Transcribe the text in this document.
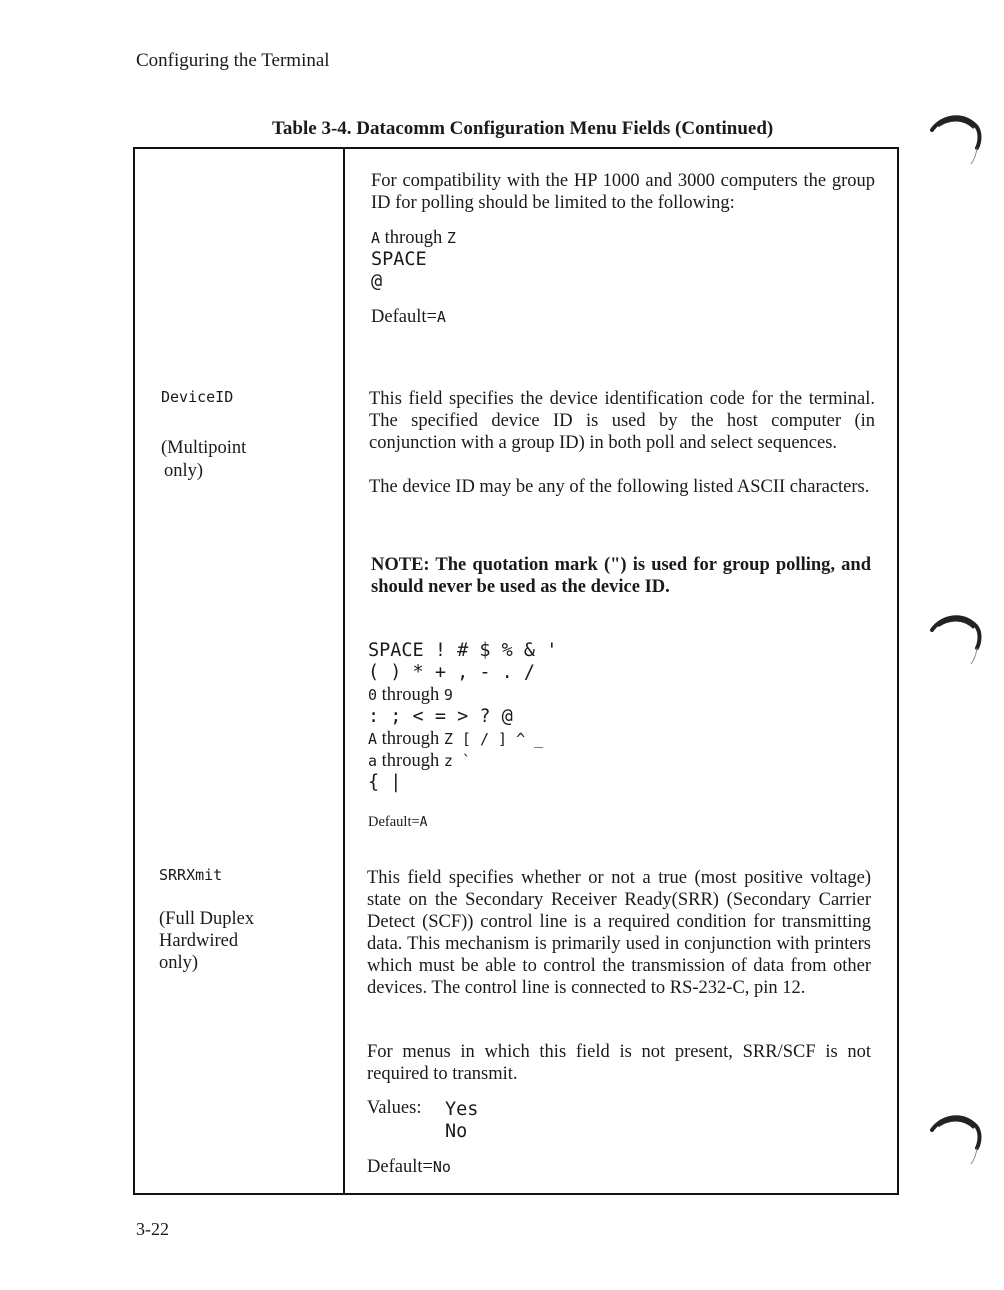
Configuring the Terminal
Table 3-4. Datacomm Configuration Menu Fields (Continued)
For compatibility with the HP 1000 and 3000 computers the group ID for polling should be limited to the following:
A through Z
SPACE
@
Default=A
DeviceID
(Multipoint
only)
This field specifies the device identification code for the terminal. The specified device ID is used by the host computer (in conjunction with a group ID) in both poll and select sequences.
The device ID may be any of the following listed ASCII characters.
NOTE: The quotation mark (") is used for group polling, and should never be used as the device ID.
SPACE ! # $ % & '
( ) * + , - . /
0 through 9
: ; < = > ? @
A through Z [ / ] ^ _
a through z `
{ |
Default=A
SRRXmit
(Full Duplex
Hardwired
only)
This field specifies whether or not a true (most positive voltage) state on the Secondary Receiver Ready(SRR) (Secondary Carrier Detect (SCF)) control line is a required condition for transmitting data. This mechanism is primarily used in conjunction with printers which must be able to control the transmission of data from other devices. The control line is connected to RS-232-C, pin 12.
For menus in which this field is not present, SRR/SCF is not required to transmit.
Values: Yes
No
Default=No
3-22
